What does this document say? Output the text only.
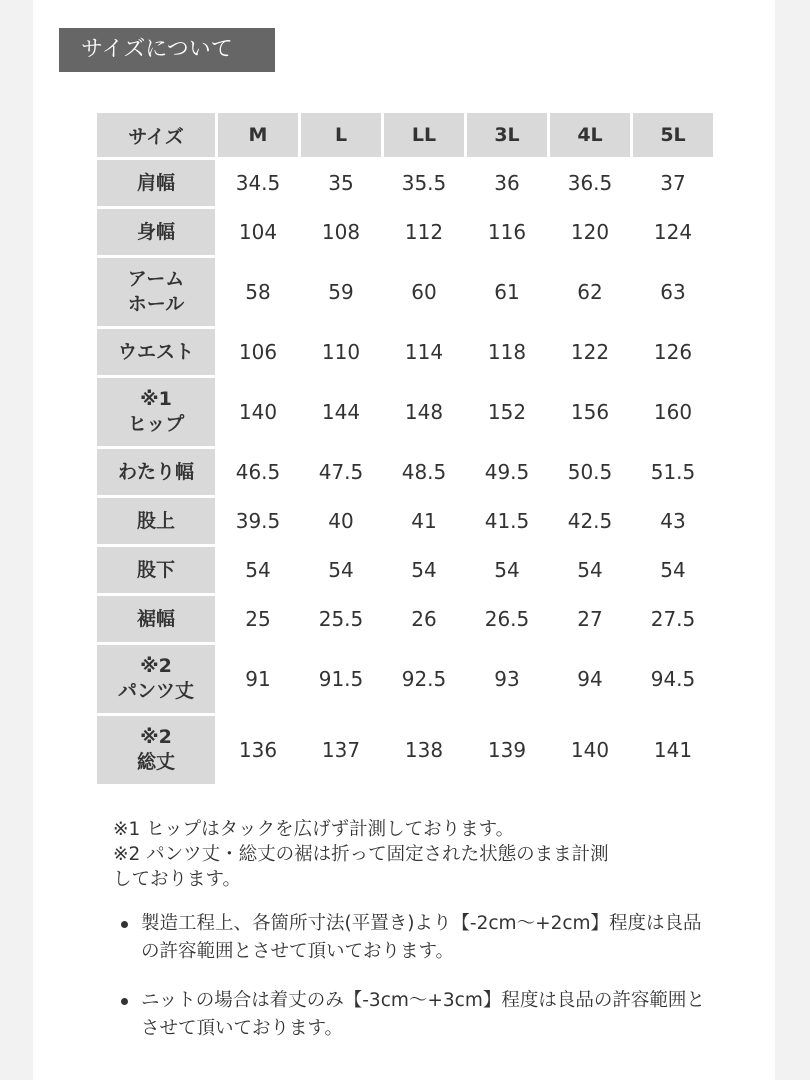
サイズについて
サイズ	M	L	LL	3L	4L	5L
肩幅	34.5	35	35.5	36	36.5	37
身幅	104	108	112	116	120	124
アーム
ホール	58	59	60	61	62	63
ウエスト	106	110	114	118	122	126
※1
ヒップ	140	144	148	152	156	160
わたり幅	46.5	47.5	48.5	49.5	50.5	51.5
股上	39.5	40	41	41.5	42.5	43
股下	54	54	54	54	54	54
裾幅	25	25.5	26	26.5	27	27.5
※2
パンツ丈	91	91.5	92.5	93	94	94.5
※2
総丈	136	137	138	139	140	141
※1 ヒップはタックを広げず計測しております。
※2 パンツ丈・総丈の裾は折って固定された状態のまま計測
しております。
製造工程上、各箇所寸法(平置き)より【-2cm～+2cm】程度は良品の許容範囲とさせて頂いております。
ニットの場合は着丈のみ【-3cm～+3cm】程度は良品の許容範囲とさせて頂いております。
